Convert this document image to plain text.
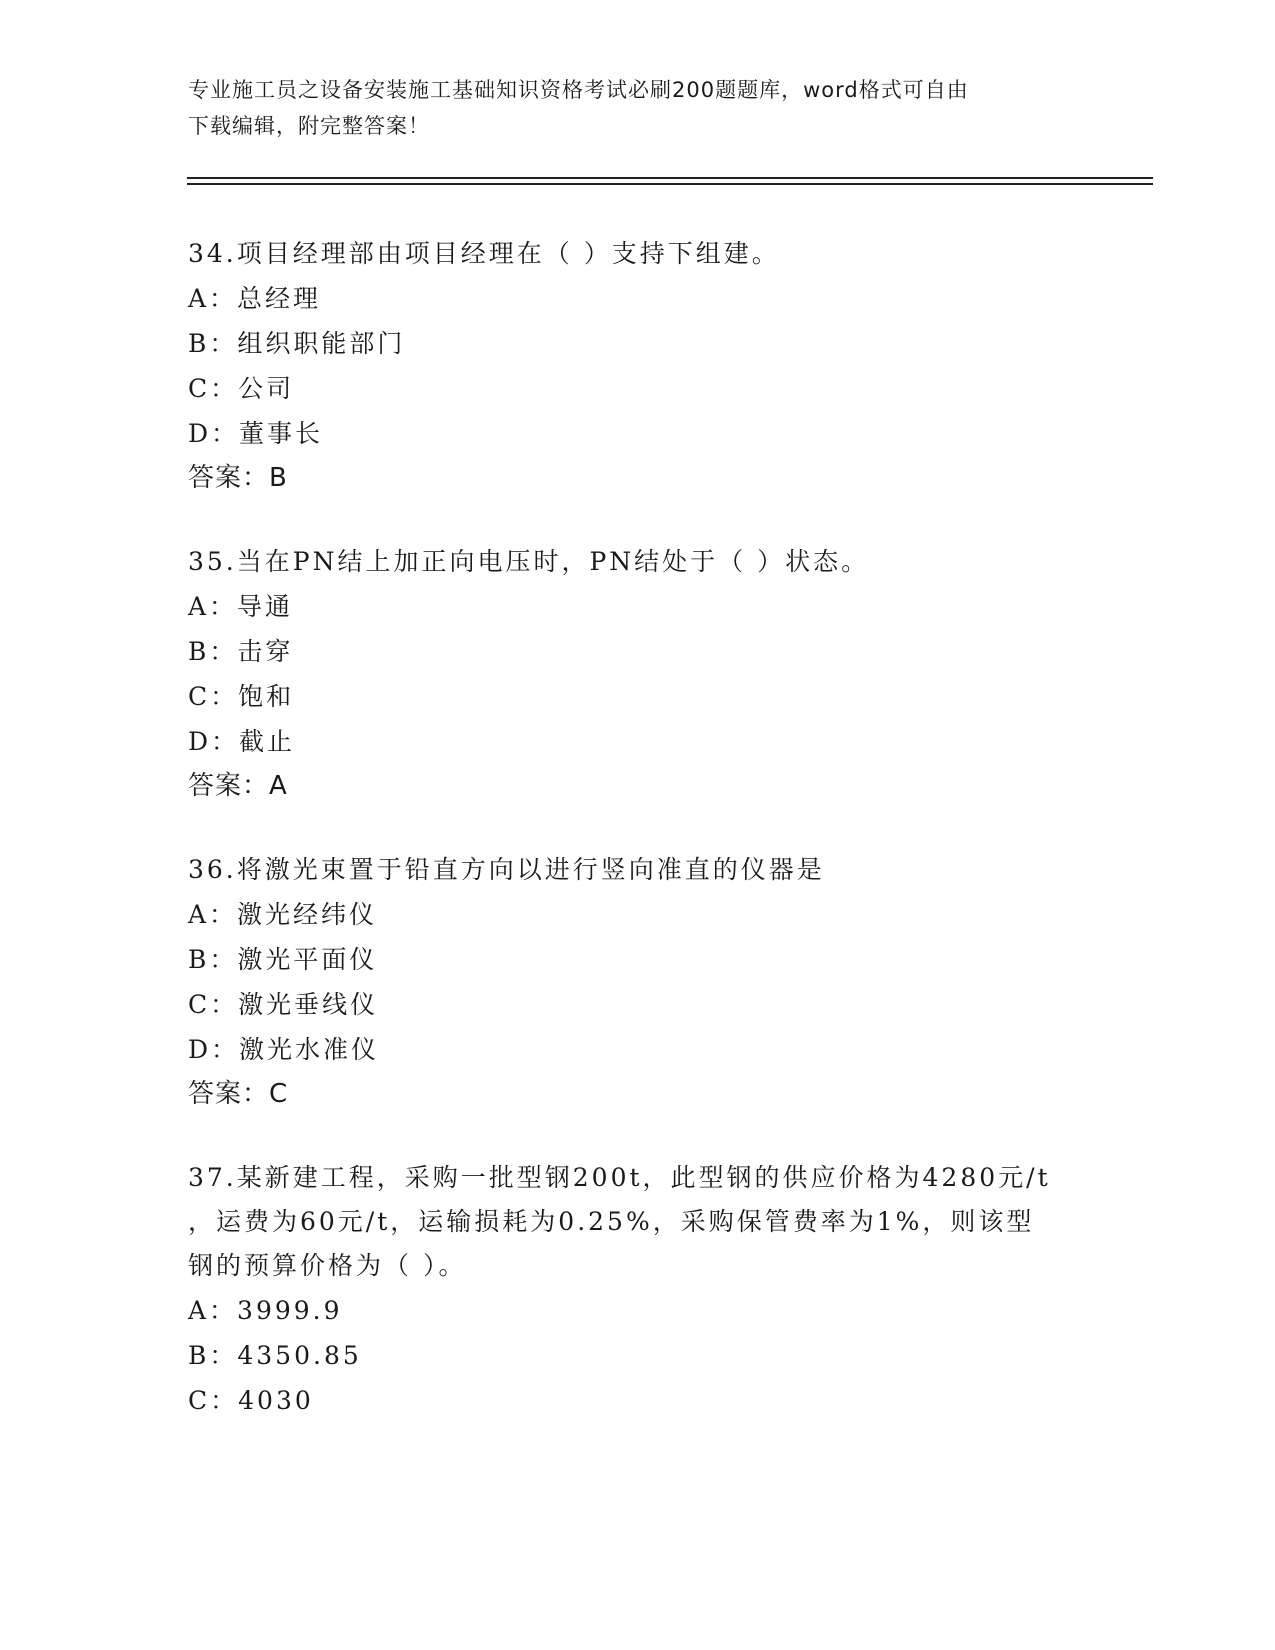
专业施工员之设备安装施工基础知识资格考试必刷200题题库，word格式可自由
下载编辑，附完整答案！
34.项目经理部由项目经理在（ ）支持下组建。
A：总经理
B：组织职能部门
C：公司
D：董事长
答案：B
35.当在PN结上加正向电压时，PN结处于（ ）状态。
A：导通
B：击穿
C：饱和
D：截止
答案：A
36.将激光束置于铅直方向以进行竖向准直的仪器是
A：激光经纬仪
B：激光平面仪
C：激光垂线仪
D：激光水准仪
答案：C
37.某新建工程，采购一批型钢200t，此型钢的供应价格为4280元/t
，运费为60元/t，运输损耗为0.25%，采购保管费率为1%，则该型
钢的预算价格为（ ）。
A：3999.9
B：4350.85
C：4030
